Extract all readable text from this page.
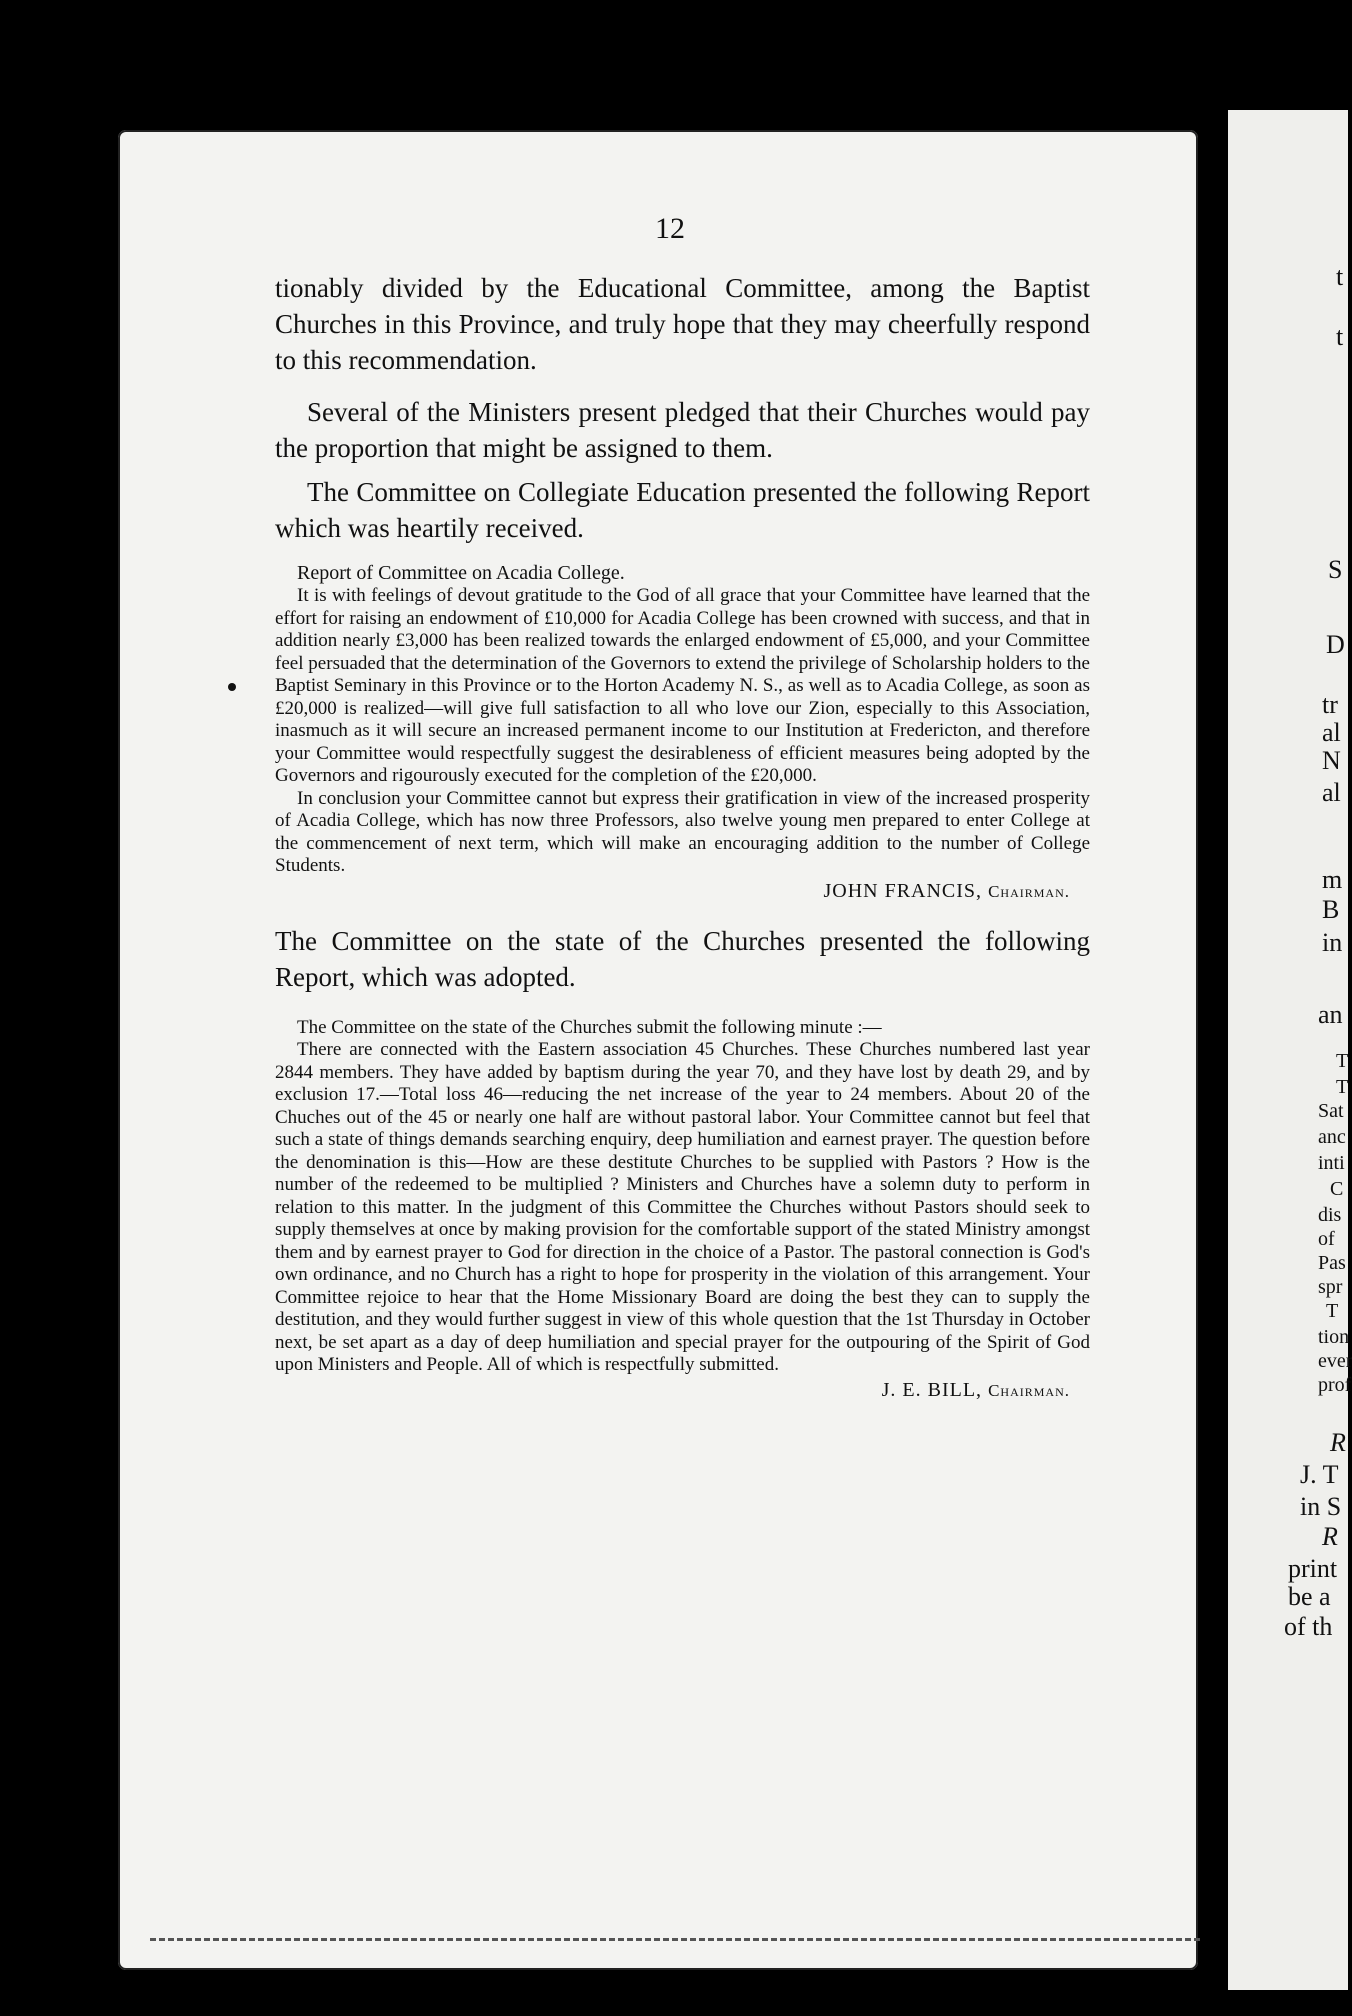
12

tionably divided by the Educational Committee, among the Baptist Churches in this Province, and truly hope that they may cheerfully respond to this recommendation.

Several of the Ministers present pledged that their Churches would pay the proportion that might be assigned to them.

The Committee on Collegiate Education presented the following Report which was heartily received.

Report of Committee on Acadia College.

It is with feelings of devout gratitude to the God of all grace that your Committee have learned that the effort for raising an endowment of £10,000 for Acadia College has been crowned with success, and that in addition nearly £3,000 has been realized towards the enlarged endowment of £5,000, and your Committee feel persuaded that the determination of the Governors to extend the privilege of Scholarship holders to the Baptist Seminary in this Province or to the Horton Academy N. S., as well as to Acadia College, as soon as £20,000 is realized—will give full satisfaction to all who love our Zion, especially to this Association, inasmuch as it will secure an increased permanent income to our Institution at Fredericton, and therefore your Committee would respectfully suggest the desirableness of efficient measures being adopted by the Governors and rigourously executed for the completion of the £20,000.

In conclusion your Committee cannot but express their gratification in view of the increased prosperity of Acadia College, which has now three Professors, also twelve young men prepared to enter College at the commencement of next term, which will make an encouraging addition to the number of College Students.

JOHN FRANCIS, Chairman.

The Committee on the state of the Churches presented the following Report, which was adopted.

The Committee on the state of the Churches submit the following minute :—

There are connected with the Eastern association 45 Churches. These Churches numbered last year 2844 members. They have added by baptism during the year 70, and they have lost by death 29, and by exclusion 17.—Total loss 46—reducing the net increase of the year to 24 members. About 20 of the Chuches out of the 45 or nearly one half are without pastoral labor. Your Committee cannot but feel that such a state of things demands searching enquiry, deep humiliation and earnest prayer. The question before the denomination is this—How are these destitute Churches to be supplied with Pastors ? How is the number of the redeemed to be multiplied ? Ministers and Churches have a solemn duty to perform in relation to this matter. In the judgment of this Committee the Churches without Pastors should seek to supply themselves at once by making provision for the comfortable support of the stated Ministry amongst them and by earnest prayer to God for direction in the choice of a Pastor. The pastoral connection is God's own ordinance, and no Church has a right to hope for prosperity in the violation of this arrangement. Your Committee rejoice to hear that the Home Missionary Board are doing the best they can to supply the destitution, and they would further suggest in view of this whole question that the 1st Thursday in October next, be set apart as a day of deep humiliation and special prayer for the outpouring of the Spirit of God upon Ministers and People. All of which is respectfully submitted.

J. E. BILL, Chairman.
t
t
S
D
tr
al
N
al
m
B
in
an
T
T
Sat
anc
inti
C
dis
of
Pas
spr
T
tion
ever
prof
R
J. T
in S
R
print
be a
of th
